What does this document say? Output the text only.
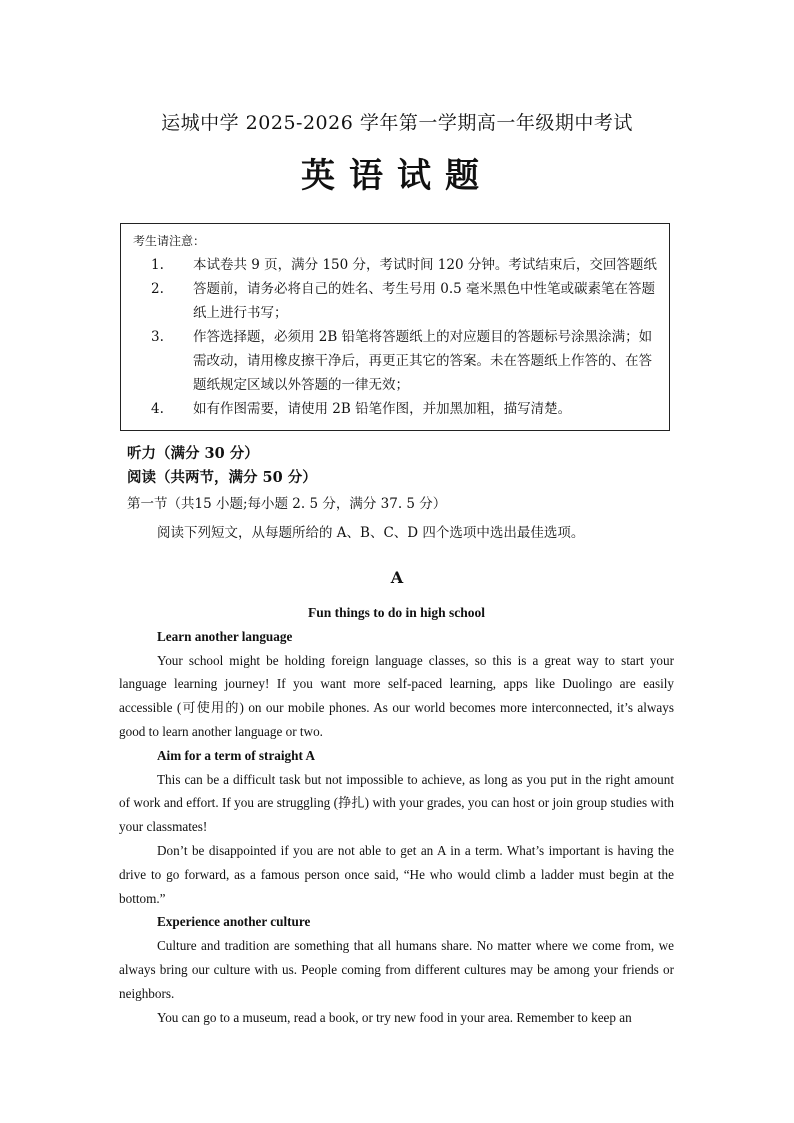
运城中学 2025-2026 学年第一学期高一年级期中考试
英语试题
考生请注意：
1.	本试卷共 9 页，满分 150 分，考试时间 120 分钟。考试结束后，交回答题纸
2.	答题前，请务必将自己的姓名、考生号用 0.5 毫米黑色中性笔或碳素笔在答题纸上进行书写；
3.	作答选择题，必须用 2B 铅笔将答题纸上的对应题目的答题标号涂黑涂满；如需改动，请用橡皮擦干净后，再更正其它的答案。未在答题纸上作答的、在答题纸规定区域以外答题的一律无效；
4.	如有作图需要，请使用 2B 铅笔作图，并加黑加粗，描写清楚。
听力（满分 30 分）
阅读（共两节，满分 50 分）
第一节（共15 小题;每小题 2. 5 分，满分 37. 5 分）
阅读下列短文，从每题所给的 A、B、C、D 四个选项中选出最佳选项。
A
Fun things to do in high school
Learn another language

Your school might be holding foreign language classes, so this is a great way to start your language learning journey! If you want more self-paced learning, apps like Duolingo are easily accessible (可使用的) on our mobile phones. As our world becomes more interconnected, it’s always good to learn another language or two.

Aim for a term of straight A

This can be a difficult task but not impossible to achieve, as long as you put in the right amount of work and effort. If you are struggling (挣扎) with your grades, you can host or join group studies with your classmates!

Don’t be disappointed if you are not able to get an A in a term. What’s important is having the drive to go forward, as a famous person once said, “He who would climb a ladder must begin at the bottom.”

Experience another culture

Culture and tradition are something that all humans share. No matter where we come from, we always bring our culture with us. People coming from different cultures may be among your friends or neighbors.

You can go to a museum, read a book, or try new food in your area. Remember to keep an
